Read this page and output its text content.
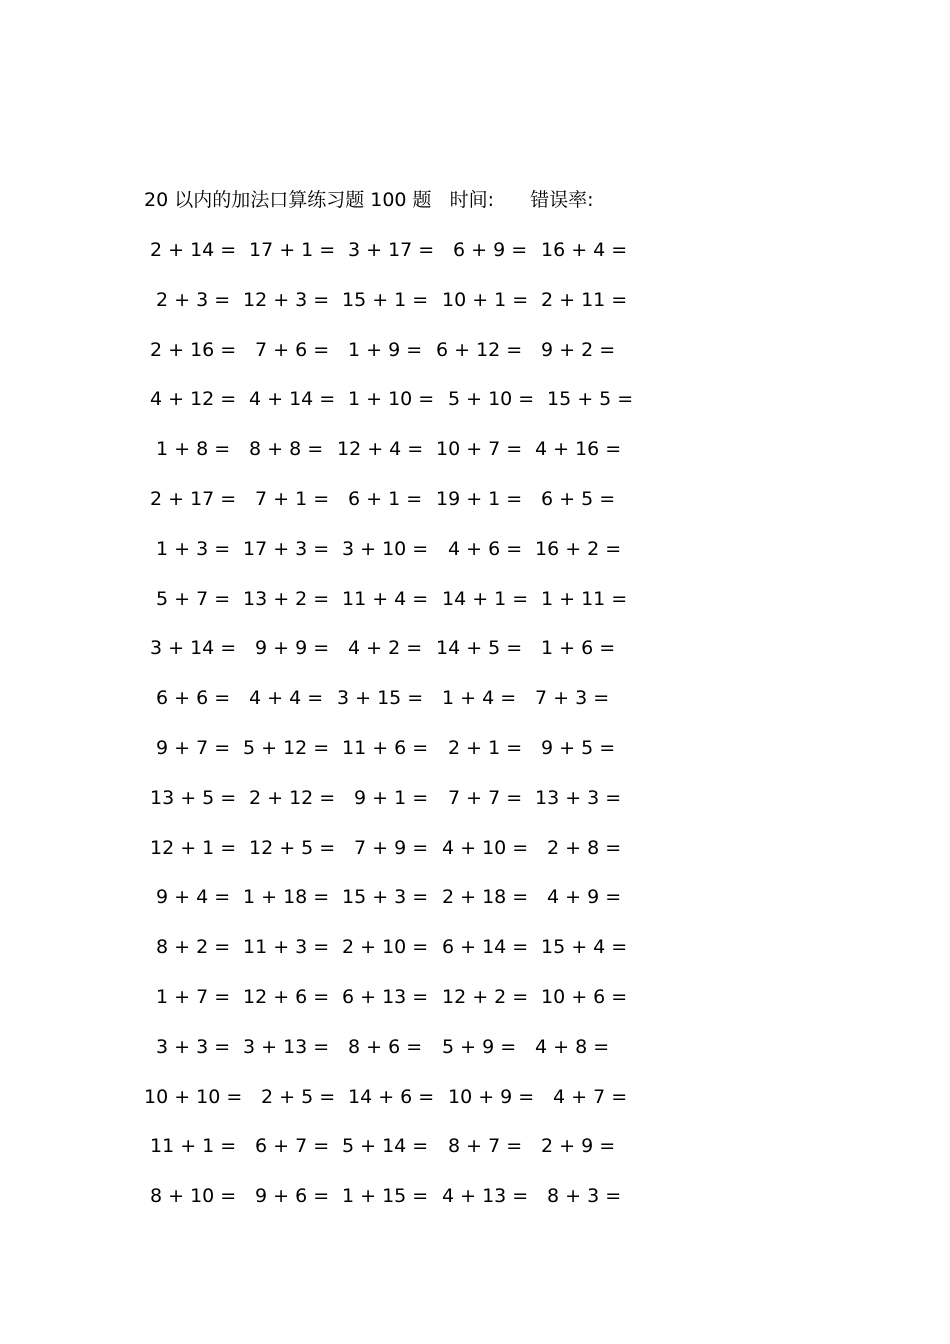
20 以内的加法口算练习题 100 题 时间: 错误率:
2 + 14 = 17 + 1 = 3 + 17 = 6 + 9 = 16 + 4 =
2 + 3 = 12 + 3 = 15 + 1 = 10 + 1 = 2 + 11 =
2 + 16 = 7 + 6 = 1 + 9 = 6 + 12 = 9 + 2 =
4 + 12 = 4 + 14 = 1 + 10 = 5 + 10 = 15 + 5 =
1 + 8 = 8 + 8 = 12 + 4 = 10 + 7 = 4 + 16 =
2 + 17 = 7 + 1 = 6 + 1 = 19 + 1 = 6 + 5 =
1 + 3 = 17 + 3 = 3 + 10 = 4 + 6 = 16 + 2 =
5 + 7 = 13 + 2 = 11 + 4 = 14 + 1 = 1 + 11 =
3 + 14 = 9 + 9 = 4 + 2 = 14 + 5 = 1 + 6 =
6 + 6 = 4 + 4 = 3 + 15 = 1 + 4 = 7 + 3 =
9 + 7 = 5 + 12 = 11 + 6 = 2 + 1 = 9 + 5 =
13 + 5 = 2 + 12 = 9 + 1 = 7 + 7 = 13 + 3 =
12 + 1 = 12 + 5 = 7 + 9 = 4 + 10 = 2 + 8 =
9 + 4 = 1 + 18 = 15 + 3 = 2 + 18 = 4 + 9 =
8 + 2 = 11 + 3 = 2 + 10 = 6 + 14 = 15 + 4 =
1 + 7 = 12 + 6 = 6 + 13 = 12 + 2 = 10 + 6 =
3 + 3 = 3 + 13 = 8 + 6 = 5 + 9 = 4 + 8 =
10 + 10 = 2 + 5 = 14 + 6 = 10 + 9 = 4 + 7 =
11 + 1 = 6 + 7 = 5 + 14 = 8 + 7 = 2 + 9 =
8 + 10 = 9 + 6 = 1 + 15 = 4 + 13 = 8 + 3 =
